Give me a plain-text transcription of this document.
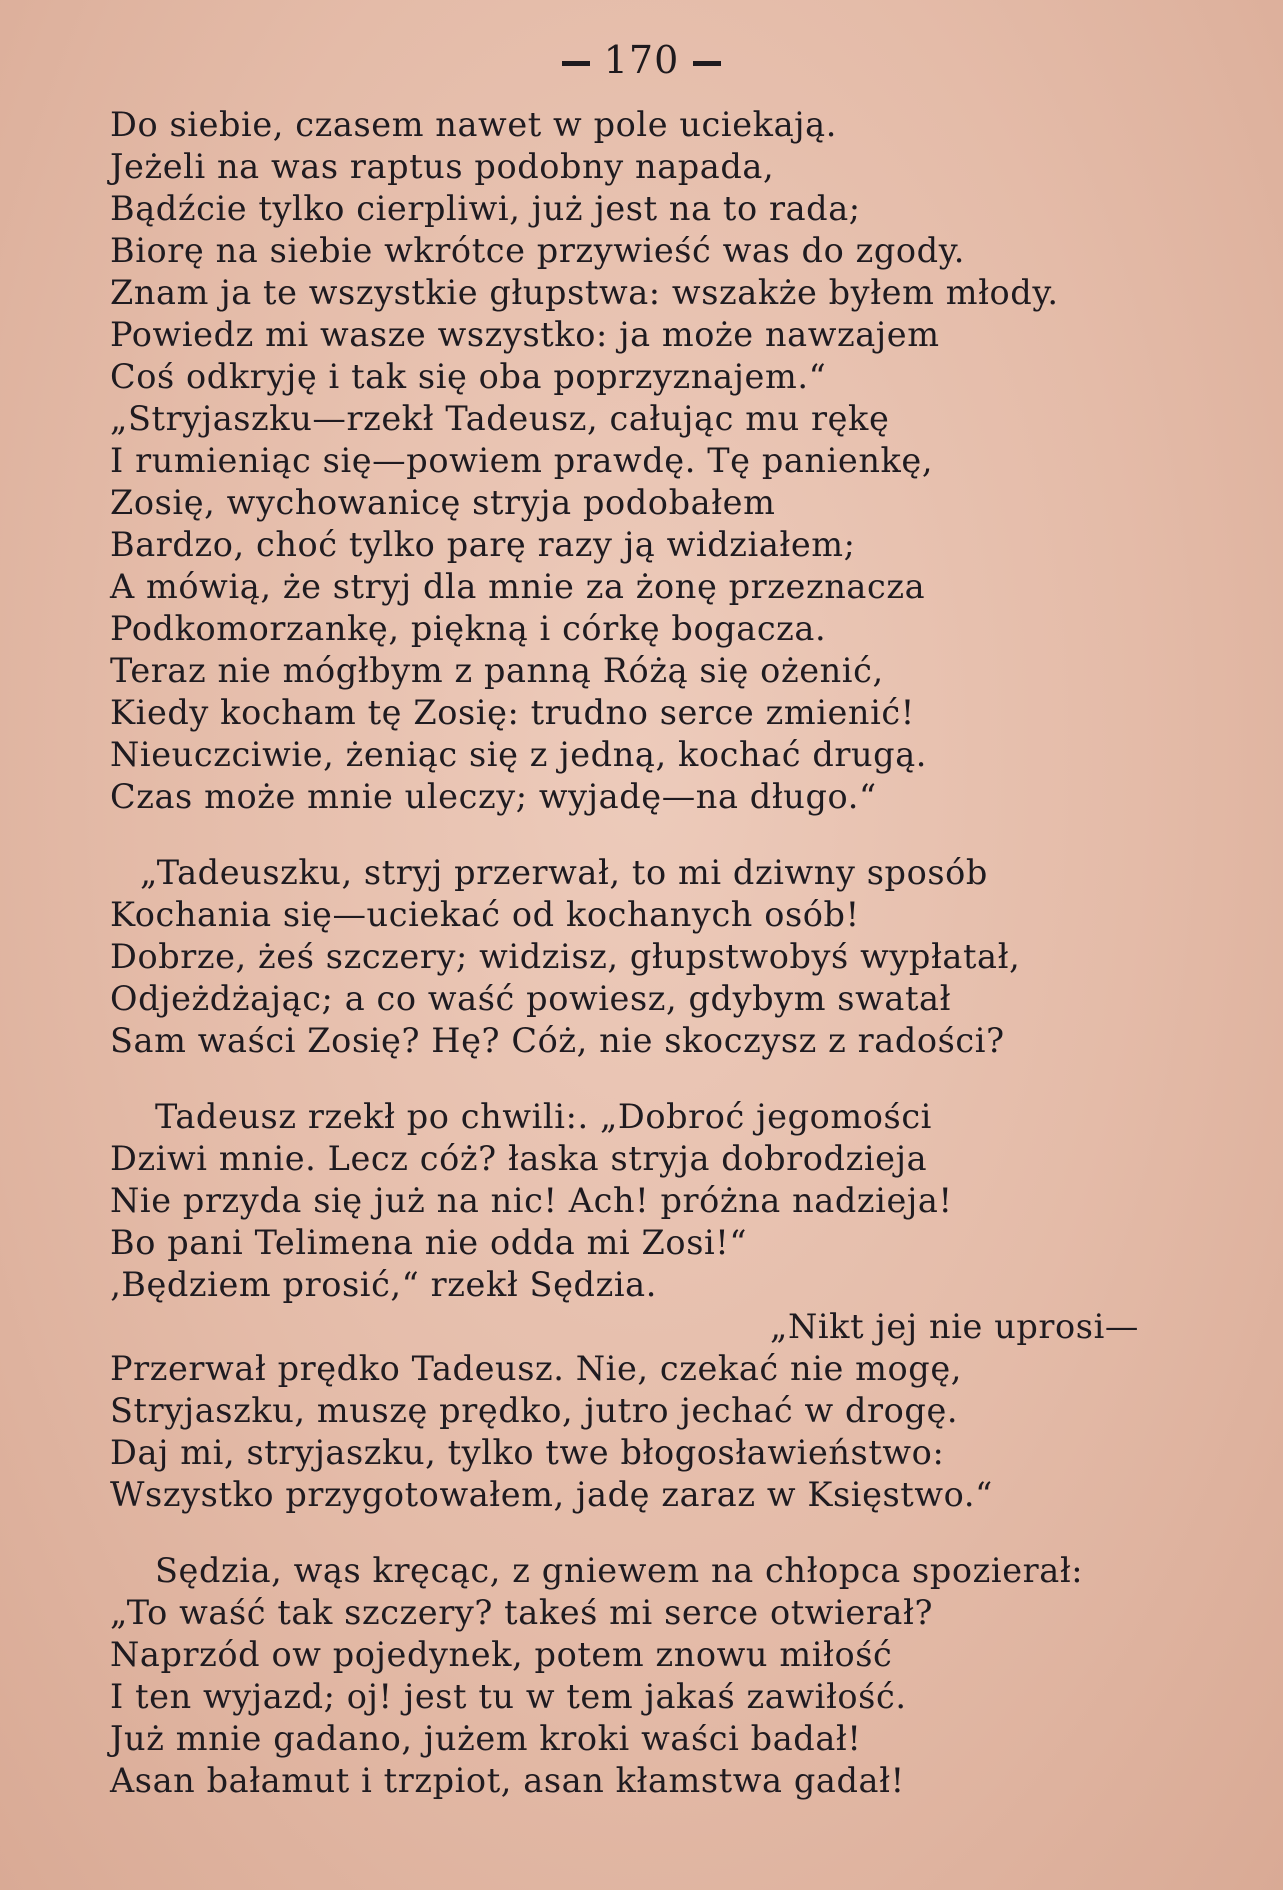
170
Do siebie, czasem nawet w pole uciekają.
Jeżeli na was raptus podobny napada,
Bądźcie tylko cierpliwi, już jest na to rada;
Biorę na siebie wkrótce przywieść was do zgody.
Znam ja te wszystkie głupstwa: wszakże byłem młody.
Powiedz mi wasze wszystko: ja może nawzajem
Coś odkryję i tak się oba poprzyznajem.“
„Stryjaszku—rzekł Tadeusz, całując mu rękę
I rumieniąc się—powiem prawdę. Tę panienkę,
Zosię, wychowanicę stryja podobałem
Bardzo, choć tylko parę razy ją widziałem;
A mówią, że stryj dla mnie za żonę przeznacza
Podkomorzankę, piękną i córkę bogacza.
Teraz nie mógłbym z panną Różą się ożenić,
Kiedy kocham tę Zosię: trudno serce zmienić!
Nieuczciwie, żeniąc się z jedną, kochać drugą.
Czas może mnie uleczy; wyjadę—na długo.“
„Tadeuszku, stryj przerwał, to mi dziwny sposób
Kochania się—uciekać od kochanych osób!
Dobrze, żeś szczery; widzisz, głupstwobyś wypłatał,
Odjeżdżając; a co waść powiesz, gdybym swatał
Sam waści Zosię? Hę? Cóż, nie skoczysz z radości?
Tadeusz rzekł po chwili:. „Dobroć jegomości
Dziwi mnie. Lecz cóż? łaska stryja dobrodzieja
Nie przyda się już na nic! Ach! próżna nadzieja!
Bo pani Telimena nie odda mi Zosi!“
‚Będziem prosić,“ rzekł Sędzia.
„Nikt jej nie uprosi—
Przerwał prędko Tadeusz. Nie, czekać nie mogę,
Stryjaszku, muszę prędko, jutro jechać w drogę.
Daj mi, stryjaszku, tylko twe błogosławieństwo:
Wszystko przygotowałem, jadę zaraz w Księstwo.“
Sędzia, wąs kręcąc, z gniewem na chłopca spozierał:
„To waść tak szczery? takeś mi serce otwierał?
Naprzód ow pojedynek, potem znowu miłość
I ten wyjazd; oj! jest tu w tem jakaś zawiłość.
Już mnie gadano, jużem kroki waści badał!
Asan bałamut i trzpiot, asan kłamstwa gadał!
